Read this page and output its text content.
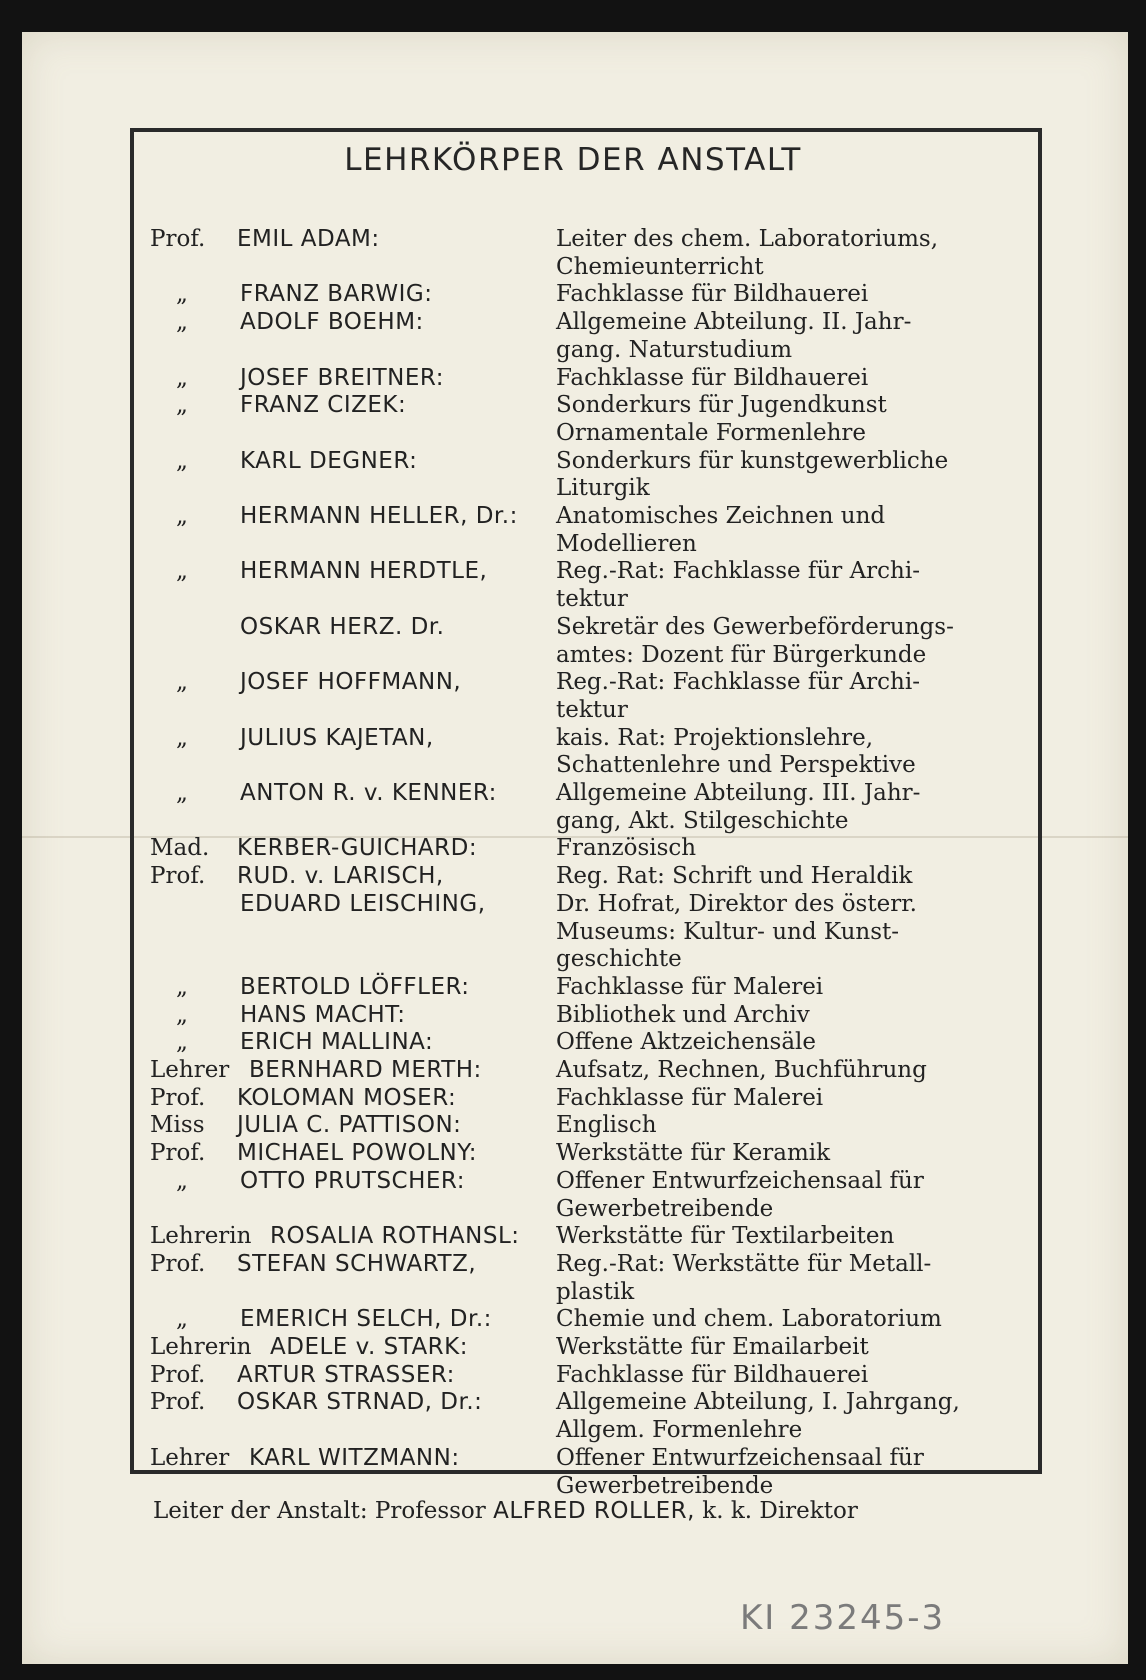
LEHRKÖRPER DER ANSTALT
Prof. EMIL ADAM:	Leiter des chem. Laboratoriums,
Chemieunterricht
„ FRANZ BARWIG:	Fachklasse für Bildhauerei
„ ADOLF BOEHM:	Allgemeine Abteilung. II. Jahr-
gang. Naturstudium
„ JOSEF BREITNER:	Fachklasse für Bildhauerei
„ FRANZ CIZEK:	Sonderkurs für Jugendkunst
Ornamentale Formenlehre
„ KARL DEGNER:	Sonderkurs für kunstgewerbliche
Liturgik
„ HERMANN HELLER, Dr.: Anatomisches Zeichnen und
Modellieren
„ HERMANN HERDTLE,	Reg.-Rat: Fachklasse für Archi-
tektur
OSKAR HERZ. Dr.	Sekretär des Gewerbeförderungs-
amtes: Dozent für Bürgerkunde
„ JOSEF HOFFMANN,	Reg.-Rat: Fachklasse für Archi-
tektur
„ JULIUS KAJETAN,	kais. Rat: Projektionslehre,
Schattenlehre und Perspektive
„ ANTON R. v. KENNER:	Allgemeine Abteilung. III. Jahr-
gang, Akt. Stilgeschichte
Mad. KERBER-GUICHARD:	Französisch
Prof. RUD. v. LARISCH,	Reg. Rat: Schrift und Heraldik
EDUARD LEISCHING,	Dr. Hofrat, Direktor des österr.
Museums: Kultur- und Kunst-
geschichte
„ BERTOLD LÖFFLER:	Fachklasse für Malerei
„ HANS MACHT:	Bibliothek und Archiv
„ ERICH MALLINA:	Offene Aktzeichensäle
Lehrer BERNHARD MERTH:	Aufsatz, Rechnen, Buchführung
Prof. KOLOMAN MOSER:	Fachklasse für Malerei
Miss JULIA C. PATTISON:	Englisch
Prof. MICHAEL POWOLNY:	Werkstätte für Keramik
„ OTTO PRUTSCHER:	Offener Entwurfzeichensaal für
Gewerbetreibende
Lehrerin ROSALIA ROTHANSL: Werkstätte für Textilarbeiten
Prof. STEFAN SCHWARTZ,	Reg.-Rat: Werkstätte für Metall-
plastik
„ EMERICH SELCH, Dr.:	Chemie und chem. Laboratorium
Lehrerin ADELE v. STARK:	Werkstätte für Emailarbeit
Prof. ARTUR STRASSER:	Fachklasse für Bildhauerei
Prof. OSKAR STRNAD, Dr.:	Allgemeine Abteilung, I. Jahrgang,
Allgem. Formenlehre
Lehrer KARL WITZMANN:	Offener Entwurfzeichensaal für
Gewerbetreibende
Leiter der Anstalt: Professor ALFRED ROLLER, k. k. Direktor
KI 23245-3
